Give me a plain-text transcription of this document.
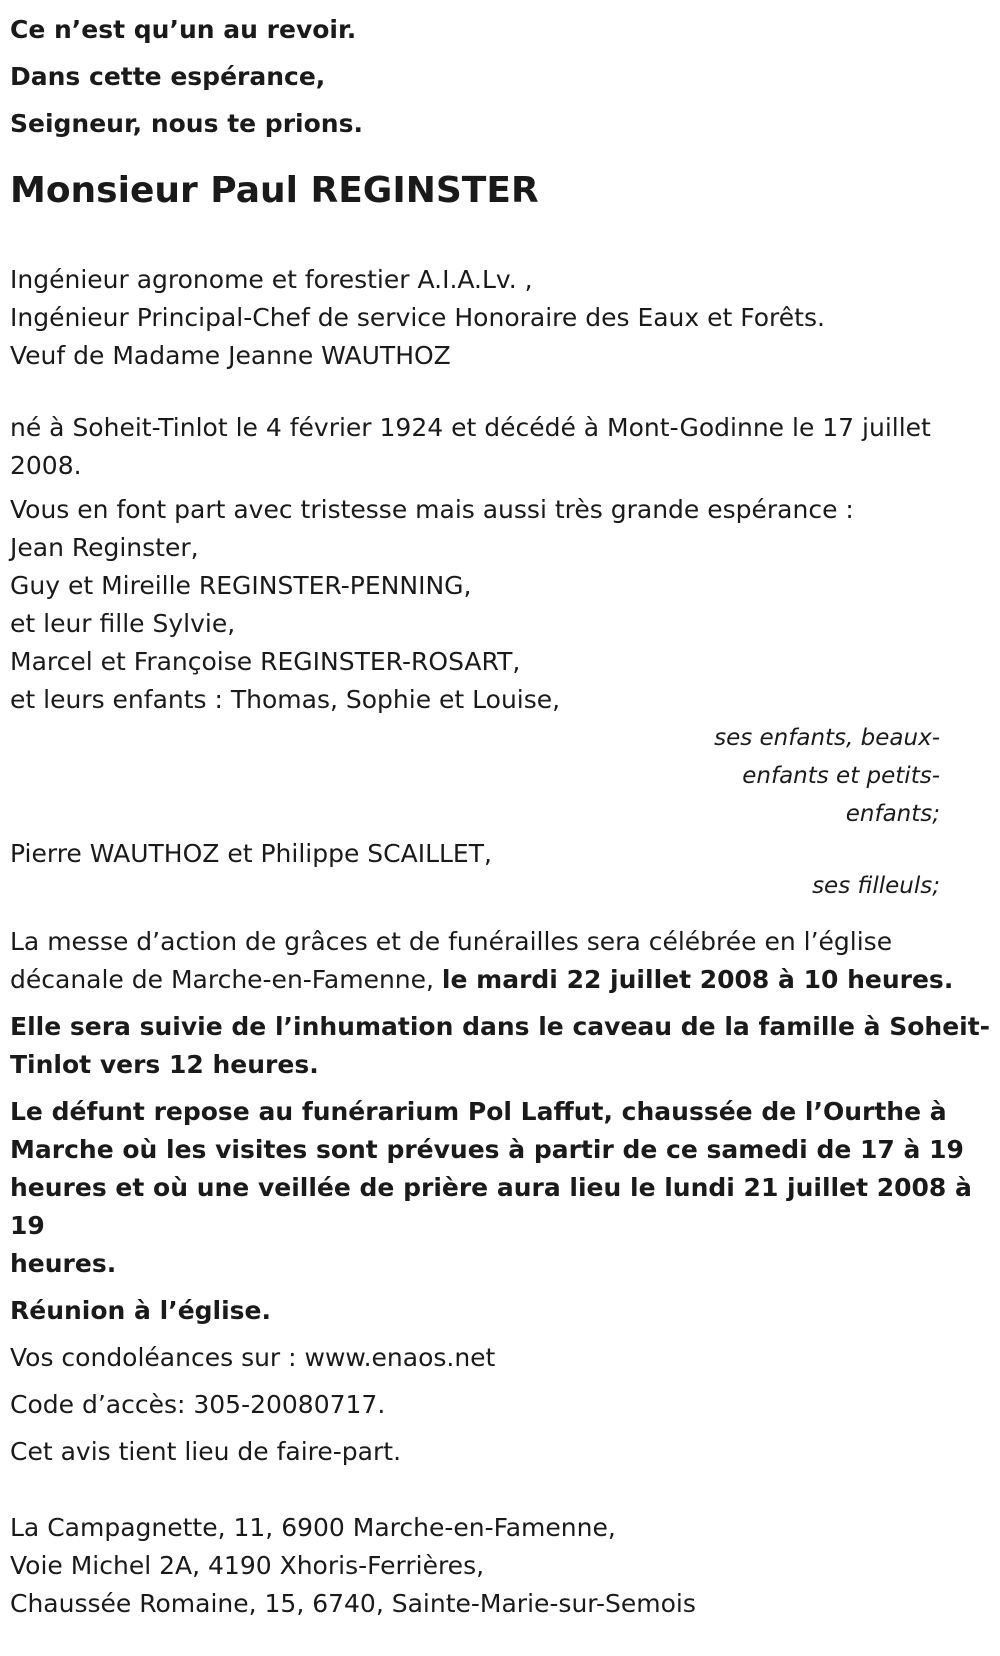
Ce n’est qu’un au revoir.

Dans cette espérance,

Seigneur, nous te prions.

Monsieur Paul REGINSTER
Ingénieur agronome et forestier A.I.A.Lv. ,
Ingénieur Principal-Chef de service Honoraire des Eaux et Forêts.
Veuf de Madame Jeanne WAUTHOZ
né à Soheit-Tinlot le 4 février 1924 et décédé à Mont-Godinne le 17 juillet
2008.
Vous en font part avec tristesse mais aussi très grande espérance :
Jean Reginster,
Guy et Mireille REGINSTER-PENNING,
et leur fille Sylvie,
Marcel et Françoise REGINSTER-ROSART,
et leurs enfants : Thomas, Sophie et Louise,
ses enfants, beaux-
enfants et petits-
enfants;
Pierre WAUTHOZ et Philippe SCAILLET,
ses filleuls;

La messe d’action de grâces et de funérailles sera célébrée en l’église
décanale de Marche-en-Famenne, le mardi 22 juillet 2008 à 10 heures.

Elle sera suivie de l’inhumation dans le caveau de la famille à Soheit-
Tinlot vers 12 heures.

Le défunt repose au funérarium Pol Laffut, chaussée de l’Ourthe à
Marche où les visites sont prévues à partir de ce samedi de 17 à 19
heures et où une veillée de prière aura lieu le lundi 21 juillet 2008 à 19
heures.

Réunion à l’église.

Vos condoléances sur : www.enaos.net

Code d’accès: 305-20080717.

Cet avis tient lieu de faire-part.

La Campagnette, 11, 6900 Marche-en-Famenne,
Voie Michel 2A, 4190 Xhoris-Ferrières,
Chaussée Romaine, 15, 6740, Sainte-Marie-sur-Semois
